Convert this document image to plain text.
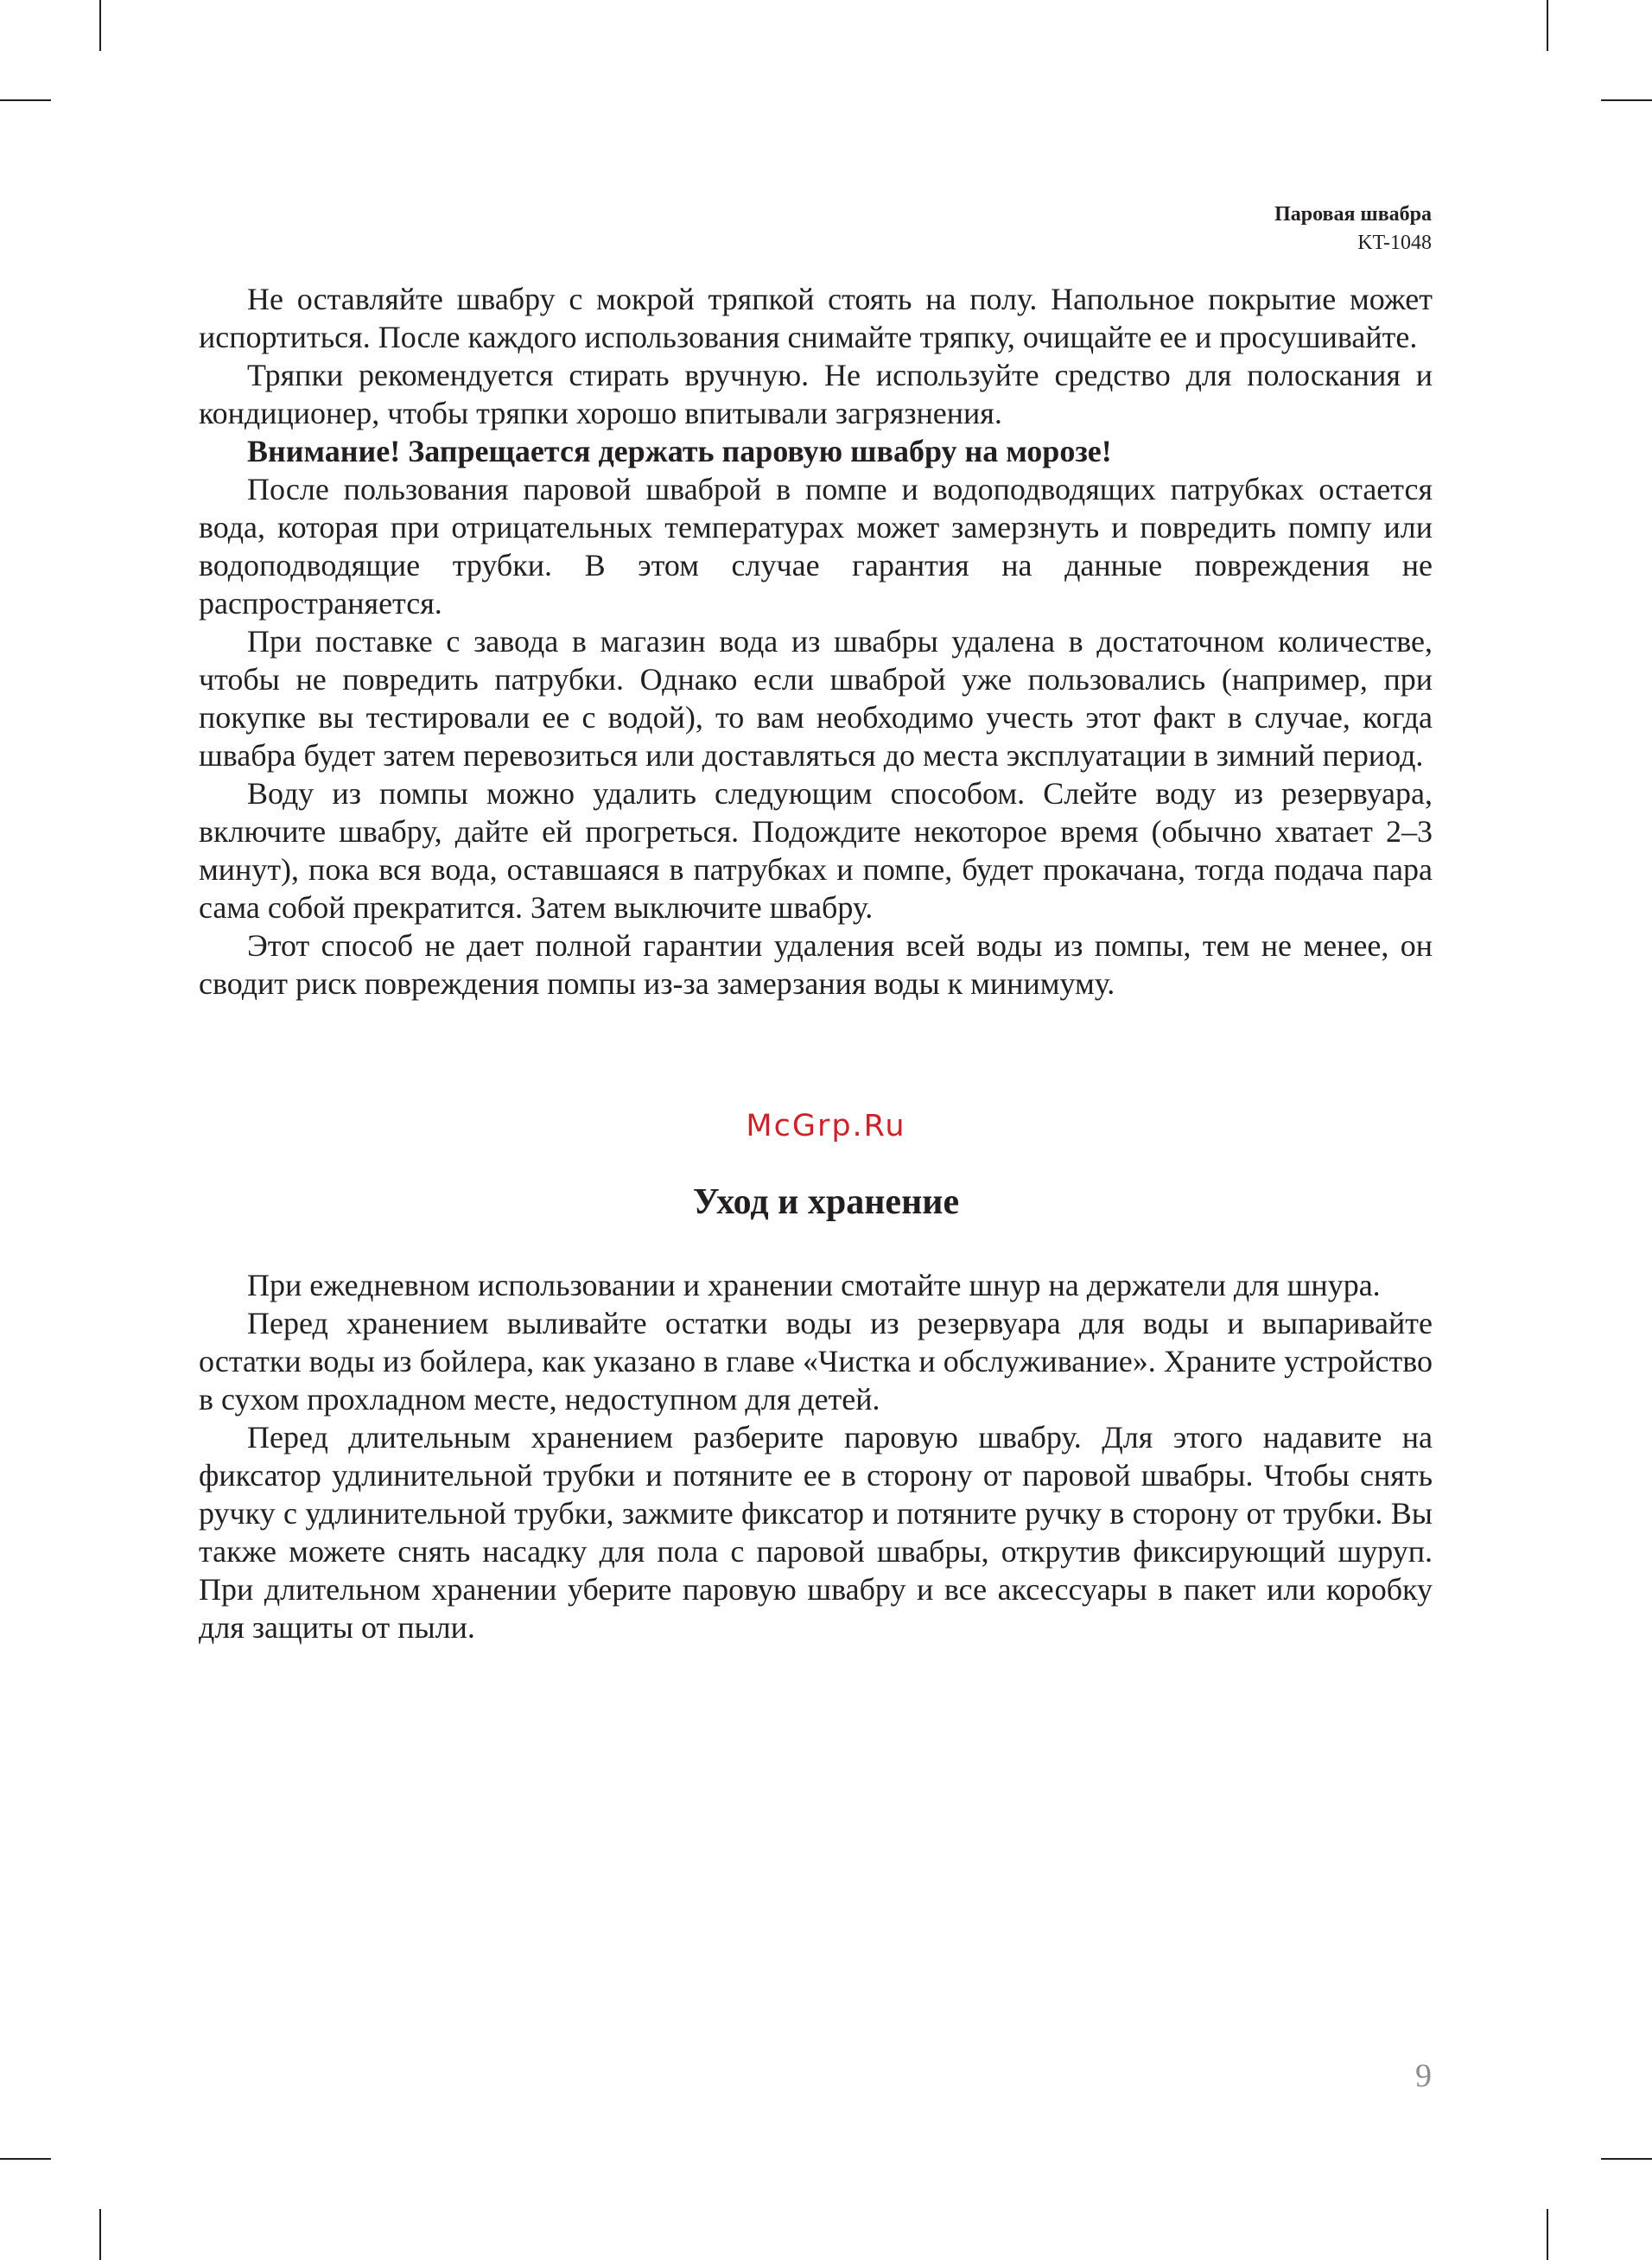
Паровая швабра
KT-1048

Не оставляйте швабру с мокрой тряпкой стоять на полу. Напольное покрытие может испортиться. После каждого использования снимайте тряпку, очищайте ее и просушивайте.

Тряпки рекомендуется стирать вручную. Не используйте средство для полоскания и кондиционер, чтобы тряпки хорошо впитывали загрязнения.

Внимание! Запрещается держать паровую швабру на морозе!

После пользования паровой шваброй в помпе и водоподводящих патрубках остается вода, которая при отрицательных температурах может замерзнуть и повредить помпу или водоподводящие трубки. В этом случае гарантия на данные повреждения не распространяется.

При поставке с завода в магазин вода из швабры удалена в достаточном количестве, чтобы не повредить патрубки. Однако если шваброй уже пользовались (например, при покупке вы тестировали ее с водой), то вам необходимо учесть этот факт в случае, когда швабра будет затем перевозиться или доставляться до места эксплуатации в зимний период.

Воду из помпы можно удалить следующим способом. Слейте воду из резервуара, включите швабру, дайте ей прогреться. Подождите некоторое время (обычно хватает 2–3 минут), пока вся вода, оставшаяся в патрубках и помпе, будет прокачана, тогда подача пара сама собой прекратится. Затем выключите швабру.

Этот способ не дает полной гарантии удаления всей воды из помпы, тем не менее, он сводит риск повреждения помпы из-за замерзания воды к минимуму.

McGrp.Ru
Уход и хранение

При ежедневном использовании и хранении смотайте шнур на держатели для шнура.

Перед хранением выливайте остатки воды из резервуара для воды и выпаривайте остатки воды из бойлера, как указано в главе «Чистка и обслуживание». Храните устройство в сухом прохладном месте, недоступном для детей.

Перед длительным хранением разберите паровую швабру. Для этого надавите на фиксатор удлинительной трубки и потяните ее в сторону от паровой швабры. Чтобы снять ручку с удлинительной трубки, зажмите фиксатор и потяните ручку в сторону от трубки. Вы также можете снять насадку для пола с паровой швабры, открутив фиксирующий шуруп. При длительном хранении уберите паровую швабру и все аксессуары в пакет или коробку для защиты от пыли.

9
